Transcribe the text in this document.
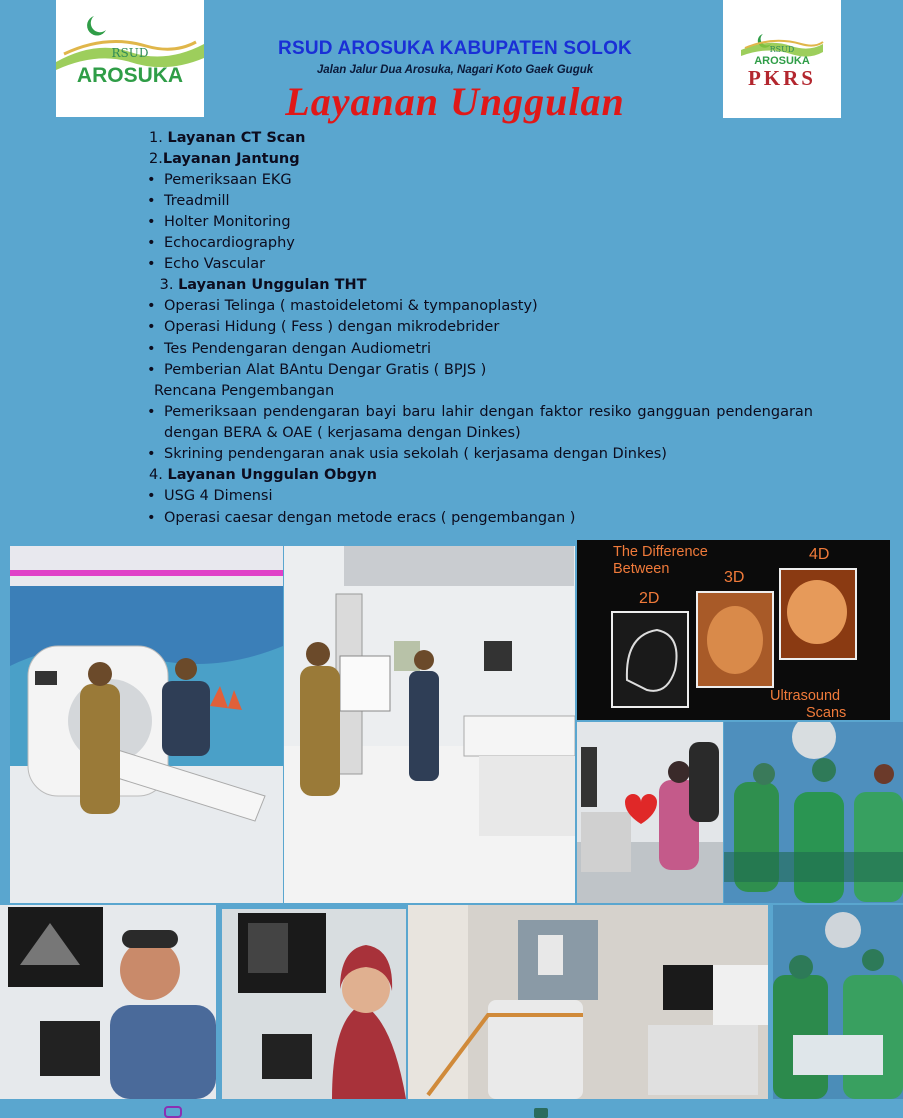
RSUD
AROSUKA
RSUD
AROSUKA
PKRS
RSUD AROSUKA KABUPATEN SOLOK
Jalan Jalur Dua Arosuka, Nagari Koto Gaek Guguk
Layanan Unggulan
1. Layanan CT Scan
2.Layanan Jantung
• Pemeriksaan EKG
• Treadmill
• Holter Monitoring
• Echocardiography
• Echo Vascular
3. Layanan Unggulan THT
• Operasi Telinga ( mastoideletomi & tympanoplasty)
• Operasi Hidung ( Fess ) dengan mikrodebrider
• Tes Pendengaran dengan Audiometri
• Pemberian Alat BAntu Dengar Gratis ( BPJS )
Rencana Pengembangan
• Pemeriksaan pendengaran bayi baru lahir dengan faktor resiko gangguan pendengaran
dengan BERA & OAE ( kerjasama dengan Dinkes)
• Skrining pendengaran anak usia sekolah ( kerjasama dengan Dinkes)
4. Layanan Unggulan Obgyn
• USG 4 Dimensi
• Operasi caesar dengan metode eracs ( pengembangan )
The Difference
Between
2D
3D
4D
Ultrasound
Scans
